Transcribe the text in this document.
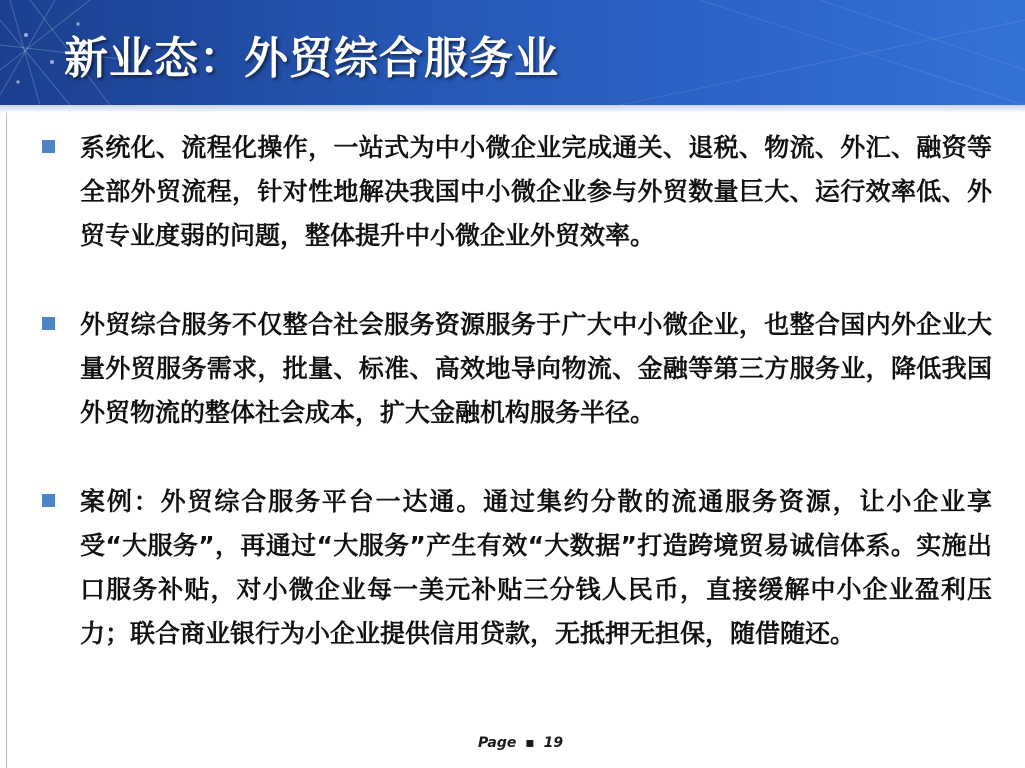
新业态：外贸综合服务业

系统化、流程化操作，一站式为中小微企业完成通关、退税、物流、外汇、融资等全部外贸流程，针对性地解决我国中小微企业参与外贸数量巨大、运行效率低、外贸专业度弱的问题，整体提升中小微企业外贸效率。

外贸综合服务不仅整合社会服务资源服务于广大中小微企业，也整合国内外企业大量外贸服务需求，批量、标准、高效地导向物流、金融等第三方服务业，降低我国外贸物流的整体社会成本，扩大金融机构服务半径。

案例：外贸综合服务平台一达通。通过集约分散的流通服务资源，让小企业享受“大服务”，再通过“大服务”产生有效“大数据”打造跨境贸易诚信体系。实施出口服务补贴，对小微企业每一美元补贴三分钱人民币，直接缓解中小企业盈利压力；联合商业银行为小企业提供信用贷款，无抵押无担保，随借随还。

Page ▪ 19
